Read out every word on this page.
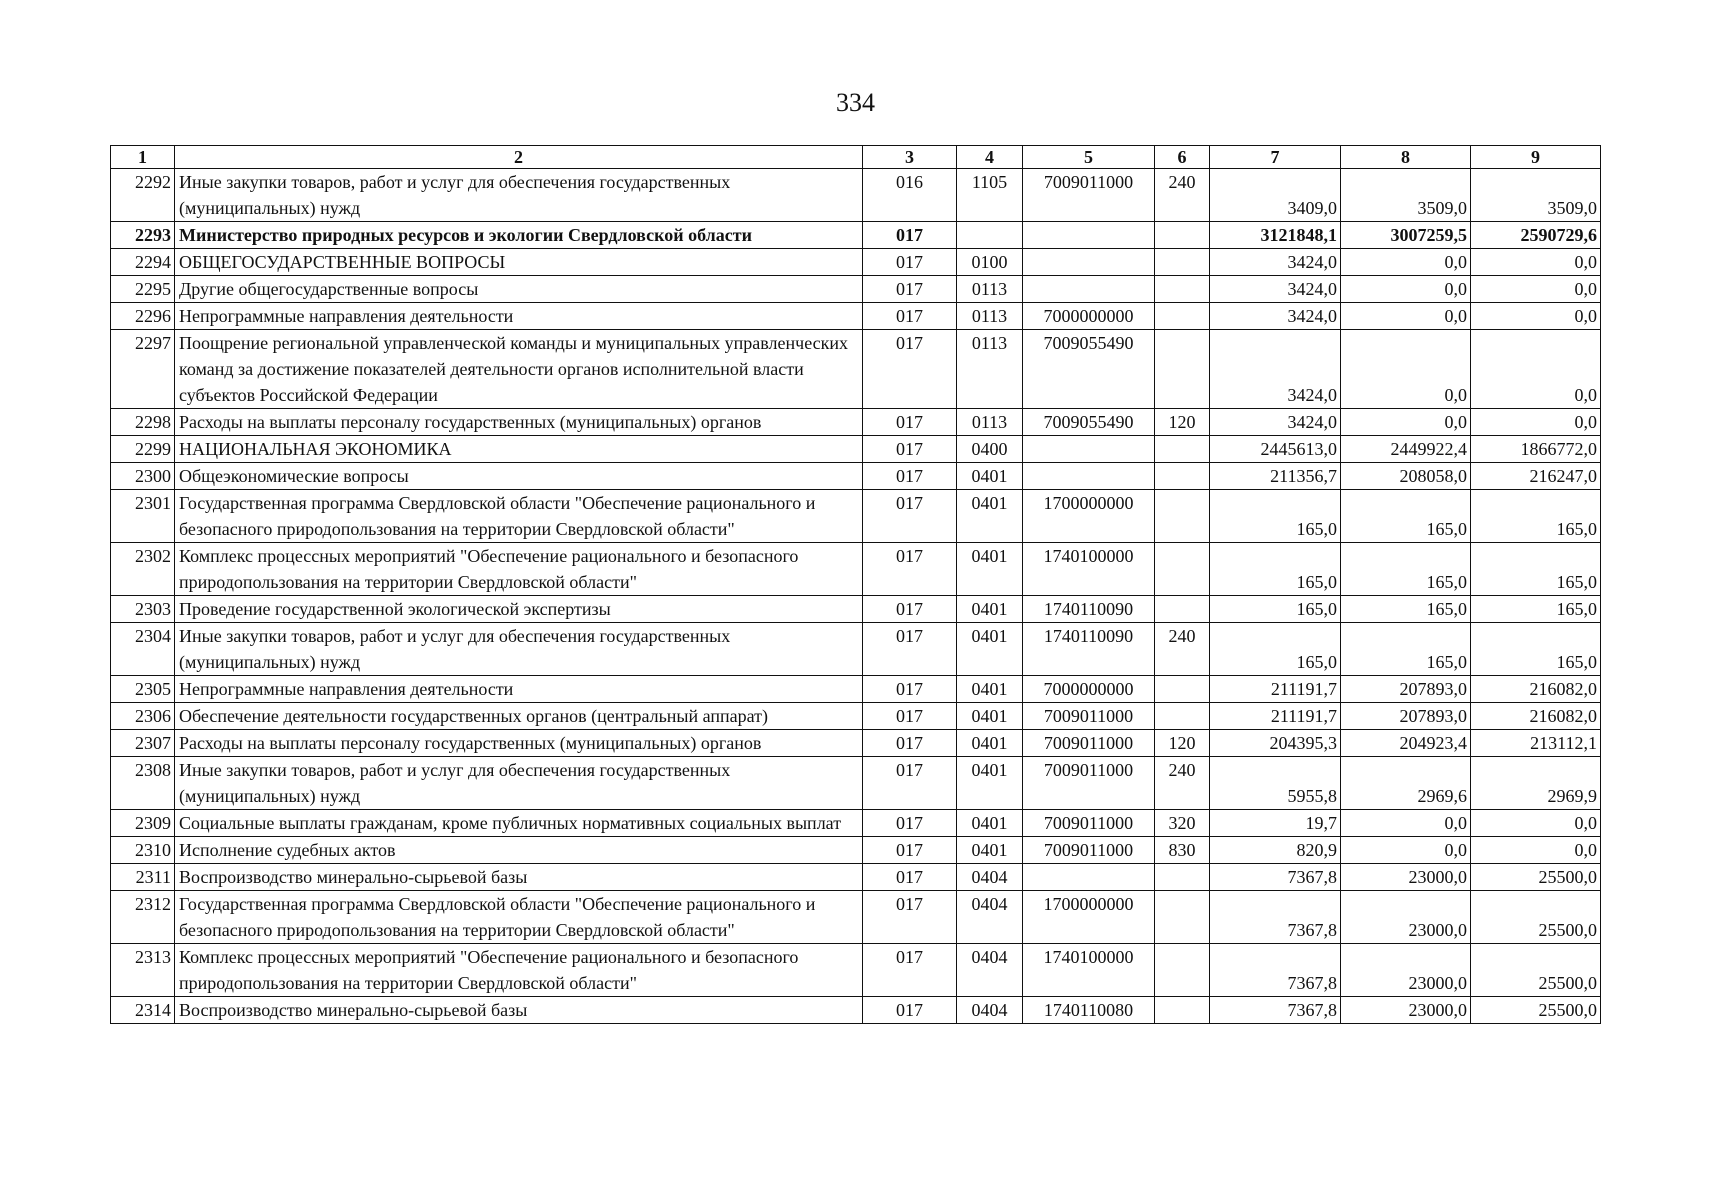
334
1	2	3	4	5	6	7	8	9
2292	Иные закупки товаров, работ и услуг для обеспечения государственных (муниципальных) нужд	016	1105	7009011000	240	3409,0	3509,0	3509,0
2293	Министерство природных ресурсов и экологии Свердловской области	017				3121848,1	3007259,5	2590729,6
2294	ОБЩЕГОСУДАРСТВЕННЫЕ ВОПРОСЫ	017	0100			3424,0	0,0	0,0
2295	Другие общегосударственные вопросы	017	0113			3424,0	0,0	0,0
2296	Непрограммные направления деятельности	017	0113	7000000000		3424,0	0,0	0,0
2297	Поощрение региональной управленческой команды и муниципальных управленческих команд за достижение показателей деятельности органов исполнительной власти субъектов Российской Федерации	017	0113	7009055490		3424,0	0,0	0,0
2298	Расходы на выплаты персоналу государственных (муниципальных) органов	017	0113	7009055490	120	3424,0	0,0	0,0
2299	НАЦИОНАЛЬНАЯ ЭКОНОМИКА	017	0400			2445613,0	2449922,4	1866772,0
2300	Общеэкономические вопросы	017	0401			211356,7	208058,0	216247,0
2301	Государственная программа Свердловской области "Обеспечение рационального и безопасного природопользования на территории Свердловской области"	017	0401	1700000000		165,0	165,0	165,0
2302	Комплекс процессных мероприятий "Обеспечение рационального и безопасного природопользования на территории Свердловской области"	017	0401	1740100000		165,0	165,0	165,0
2303	Проведение государственной экологической экспертизы	017	0401	1740110090		165,0	165,0	165,0
2304	Иные закупки товаров, работ и услуг для обеспечения государственных (муниципальных) нужд	017	0401	1740110090	240	165,0	165,0	165,0
2305	Непрограммные направления деятельности	017	0401	7000000000		211191,7	207893,0	216082,0
2306	Обеспечение деятельности государственных органов (центральный аппарат)	017	0401	7009011000		211191,7	207893,0	216082,0
2307	Расходы на выплаты персоналу государственных (муниципальных) органов	017	0401	7009011000	120	204395,3	204923,4	213112,1
2308	Иные закупки товаров, работ и услуг для обеспечения государственных (муниципальных) нужд	017	0401	7009011000	240	5955,8	2969,6	2969,9
2309	Социальные выплаты гражданам, кроме публичных нормативных социальных выплат	017	0401	7009011000	320	19,7	0,0	0,0
2310	Исполнение судебных актов	017	0401	7009011000	830	820,9	0,0	0,0
2311	Воспроизводство минерально-сырьевой базы	017	0404			7367,8	23000,0	25500,0
2312	Государственная программа Свердловской области "Обеспечение рационального и безопасного природопользования на территории Свердловской области"	017	0404	1700000000		7367,8	23000,0	25500,0
2313	Комплекс процессных мероприятий "Обеспечение рационального и безопасного природопользования на территории Свердловской области"	017	0404	1740100000		7367,8	23000,0	25500,0
2314	Воспроизводство минерально-сырьевой базы	017	0404	1740110080		7367,8	23000,0	25500,0
